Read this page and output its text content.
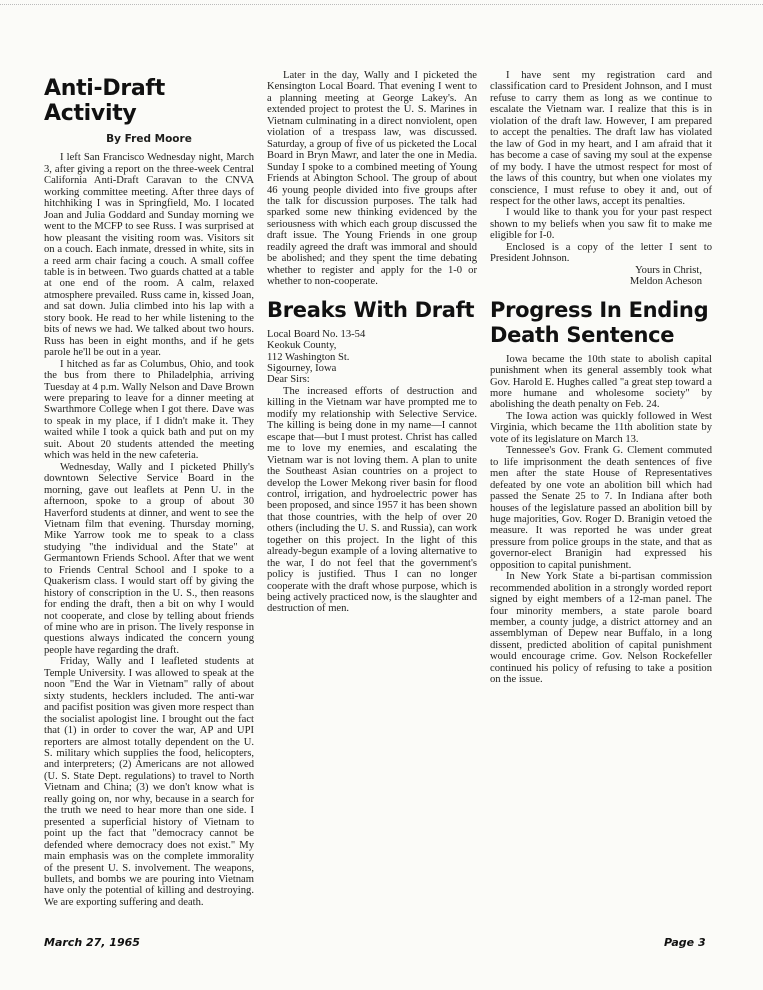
Anti-Draft Activity
By Fred Moore

I left San Francisco Wednesday night, March 3, after giving a report on the three-week Central California Anti-Draft Caravan to the CNVA working committee meeting. After three days of hitchhiking I was in Springfield, Mo. I located Joan and Julia Goddard and Sunday morning we went to the MCFP to see Russ. I was surprised at how pleasant the visiting room was. Visitors sit on a couch. Each inmate, dressed in white, sits in a reed arm chair facing a couch. A small coffee table is in between. Two guards chatted at a table at one end of the room. A calm, relaxed atmosphere prevailed. Russ came in, kissed Joan, and sat down. Julia climbed into his lap with a story book. He read to her while listening to the bits of news we had. We talked about two hours. Russ has been in eight months, and if he gets parole he'll be out in a year.

I hitched as far as Columbus, Ohio, and took the bus from there to Philadelphia, arriving Tuesday at 4 p.m. Wally Nelson and Dave Brown were preparing to leave for a dinner meeting at Swarthmore College when I got there. Dave was to speak in my place, if I didn't make it. They waited while I took a quick bath and put on my suit. About 20 students attended the meeting which was held in the new cafeteria.

Wednesday, Wally and I picketed Philly's downtown Selective Service Board in the morning, gave out leaflets at Penn U. in the afternoon, spoke to a group of about 30 Haverford students at dinner, and went to see the Vietnam film that evening. Thursday morning, Mike Yarrow took me to speak to a class studying "the individual and the State" at Germantown Friends School. After that we went to Friends Central School and I spoke to a Quakerism class. I would start off by giving the history of conscription in the U. S., then reasons for ending the draft, then a bit on why I would not cooperate, and close by telling about friends of mine who are in prison. The lively response in questions always indicated the concern young people have regarding the draft.

Friday, Wally and I leafleted students at Temple University. I was allowed to speak at the noon "End the War in Vietnam" rally of about sixty students, hecklers included. The anti-war and pacifist position was given more respect than the socialist apologist line. I brought out the fact that (1) in order to cover the war, AP and UPI reporters are almost totally dependent on the U. S. military which supplies the food, helicopters, and interpreters; (2) Americans are not allowed (U. S. State Dept. regulations) to travel to North Vietnam and China; (3) we don't know what is really going on, nor why, because in a search for the truth we need to hear more than one side. I presented a superficial history of Vietnam to point up the fact that "democracy cannot be defended where democracy does not exist." My main emphasis was on the complete immorality of the present U. S. involvement. The weapons, bullets, and bombs we are pouring into Vietnam have only the potential of killing and destroying. We are exporting suffering and death.

Later in the day, Wally and I picketed the Kensington Local Board. That evening I went to a planning meeting at George Lakey's. An extended project to protest the U. S. Marines in Vietnam culminating in a direct nonviolent, open violation of a trespass law, was discussed. Saturday, a group of five of us picketed the Local Board in Bryn Mawr, and later the one in Media. Sunday I spoke to a combined meeting of Young Friends at Abington School. The group of about 46 young people divided into five groups after the talk for discussion purposes. The talk had sparked some new thinking evidenced by the seriousness with which each group discussed the draft issue. The Young Friends in one group readily agreed the draft was immoral and should be abolished; and they spent the time debating whether to register and apply for the 1-0 or whether to non-cooperate.

Breaks With Draft

Local Board No. 13-54

Keokuk County,

112 Washington St.

Sigourney, Iowa

Dear Sirs:

The increased efforts of destruction and killing in the Vietnam war have prompted me to modify my relationship with Selective Service. The killing is being done in my name—I cannot escape that—but I must protest. Christ has called me to love my enemies, and escalating the Vietnam war is not loving them. A plan to unite the Southeast Asian countries on a project to develop the Lower Mekong river basin for flood control, irrigation, and hydroelectric power has been proposed, and since 1957 it has been shown that those countries, with the help of over 20 others (including the U. S. and Russia), can work together on this project. In the light of this already-begun example of a loving alternative to the war, I do not feel that the government's policy is justified. Thus I can no longer cooperate with the draft whose purpose, which is being actively practiced now, is the slaughter and destruction of men.

I have sent my registration card and classification card to President Johnson, and I must refuse to carry them as long as we continue to escalate the Vietnam war. I realize that this is in violation of the draft law. However, I am prepared to accept the penalties. The draft law has violated the law of God in my heart, and I am afraid that it has become a case of saving my soul at the expense of my body. I have the utmost respect for most of the laws of this country, but when one violates my conscience, I must refuse to obey it and, out of respect for the other laws, accept its penalties.

I would like to thank you for your past respect shown to my beliefs when you saw fit to make me eligible for I-0.

Enclosed is a copy of the letter I sent to President Johnson.

Yours in Christ,

Meldon Acheson

Progress In Ending
Death Sentence

Iowa became the 10th state to abolish capital punishment when its general assembly took what Gov. Harold E. Hughes called "a great step toward a more humane and wholesome society" by abolishing the death penalty on Feb. 24.

The Iowa action was quickly followed in West Virginia, which became the 11th abolition state by vote of its legislature on March 13.

Tennessee's Gov. Frank G. Clement commuted to life imprisonment the death sentences of five men after the state House of Representatives defeated by one vote an abolition bill which had passed the Senate 25 to 7. In Indiana after both houses of the legislature passed an abolition bill by huge majorities, Gov. Roger D. Branigin vetoed the measure. It was reported he was under great pressure from police groups in the state, and that as governor-elect Branigin had expressed his opposition to capital punishment.

In New York State a bi-partisan commission recommended abolition in a strongly worded report signed by eight members of a 12-man panel. The four minority members, a state parole board member, a county judge, a district attorney and an assemblyman of Depew near Buffalo, in a long dissent, predicted abolition of capital punishment would encourage crime. Gov. Nelson Rockefeller continued his policy of refusing to take a position on the issue.

March 27, 1965	Page 3
